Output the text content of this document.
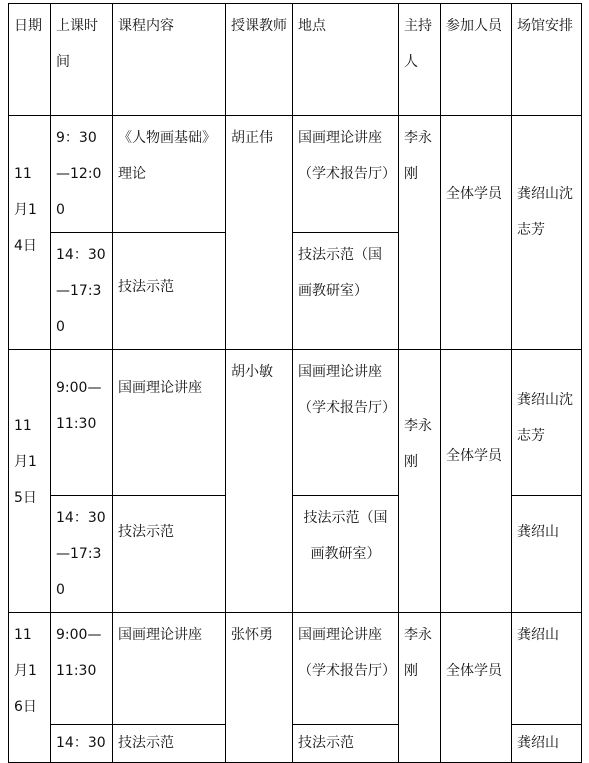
日期	上课时间	课程内容	授课教师	地点	主持人	参加人员	场馆安排
11月14日	9：30—12:00	《人物画基础》理论	胡正伟	国画理论讲座（学术报告厅）	李永刚	全体学员	龚绍山沈志芳
	14：30—17:30	技法示范		技法示范（国画教研室）			
11月15日	9:00—11:30	国画理论讲座	胡小敏	国画理论讲座（学术报告厅）	李永刚	全体学员	龚绍山沈志芳
	14：30—17:30	技法示范		技法示范（国画教研室）			龚绍山
11月16日	9:00—11:30	国画理论讲座	张怀勇	国画理论讲座（学术报告厅）	李永刚	全体学员	龚绍山
	14：30	技法示范		技法示范			龚绍山
